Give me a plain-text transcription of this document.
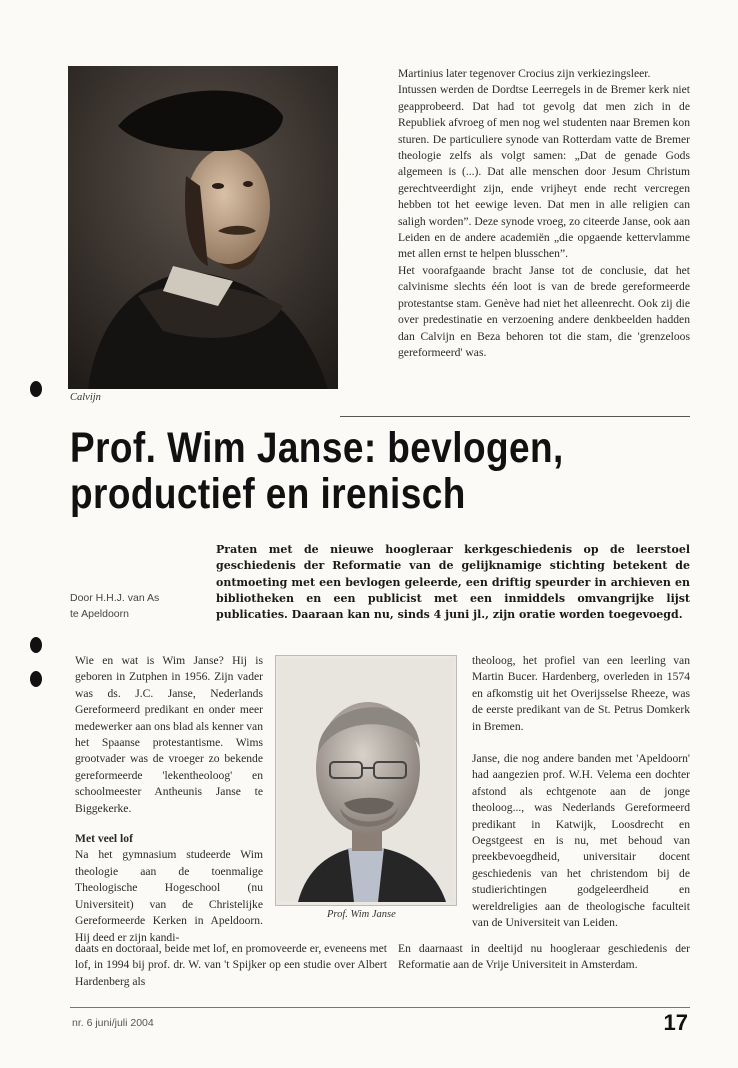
Calvijn

Martinius later tegenover Crocius zijn verkiezingsleer.

Intussen werden de Dordtse Leerregels in de Bremer kerk niet geapprobeerd. Dat had tot gevolg dat men zich in de Republiek afvroeg of men nog wel studenten naar Bremen kon sturen. De particuliere synode van Rotterdam vatte de Bremer theologie zelfs als volgt samen: „Dat de genade Gods algemeen is (...). Dat alle menschen door Jesum Christum gerechtveerdight zijn, ende vrijheyt ende recht vercregen hebben tot het eewige leven. Dat men in alle religien can saligh worden”. Deze synode vroeg, zo citeerde Janse, ook aan Leiden en de andere academiën „die opgaende kettervlamme met allen ernst te helpen blusschen”.

Het voorafgaande bracht Janse tot de conclusie, dat het calvinisme slechts één loot is van de brede gereformeerde protestantse stam. Genève had niet het alleenrecht. Ook zij die over predestinatie en verzoening andere denkbeelden hadden dan Calvijn en Beza behoren tot die stam, die 'grenzeloos gereformeerd' was.

Prof. Wim Janse: bevlogen,
productief en irenisch
Door H.H.J. van As
te Apeldoorn
Praten met de nieuwe hoogleraar kerkgeschiedenis op de leerstoel geschiedenis der Reformatie van de gelijknamige stichting betekent de ontmoeting met een bevlogen geleerde, een driftig speurder in archieven en bibliotheken en een publicist met een inmiddels omvangrijke lijst publicaties. Daaraan kan nu, sinds 4 juni jl., zijn oratie worden toegevoegd.

Wie en wat is Wim Janse? Hij is geboren in Zutphen in 1956. Zijn vader was ds. J.C. Janse, Nederlands Gereformeerd predikant en onder meer medewerker aan ons blad als kenner van het Spaanse protestantisme. Wims grootvader was de vroeger zo bekende gereformeerde 'lekentheoloog' en schoolmeester Antheunis Janse te Biggekerke.

Met veel lof

Na het gymnasium studeerde Wim theologie aan de toenmalige Theologische Hogeschool (nu Universiteit) van de Christelijke Gereformeerde Kerken in Apeldoorn. Hij deed er zijn kandi-

Prof. Wim Janse

theoloog, het profiel van een leerling van Martin Bucer. Hardenberg, overleden in 1574 en afkomstig uit het Overijsselse Rheeze, was de eerste predikant van de St. Petrus Domkerk in Bremen.

Janse, die nog andere banden met 'Apeldoorn' had aangezien prof. W.H. Velema een dochter afstond als echtgenote aan de jonge theoloog..., was Nederlands Gereformeerd predikant in Katwijk, Loosdrecht en Oegstgeest en is nu, met behoud van preekbevoegdheid, universitair docent geschiedenis van het christendom bij de studierichtingen godgeleerdheid en wereldreligies aan de theologische faculteit van de Universiteit van Leiden.

daats en doctoraal, beide met lof, en promoveerde er, eveneens met lof, in 1994 bij prof. dr. W. van 't Spijker op een studie over Albert Hardenberg als
En daarnaast in deeltijd nu hoogleraar geschiedenis der Reformatie aan de Vrije Universiteit in Amsterdam.
nr. 6 juni/juli 2004	17
